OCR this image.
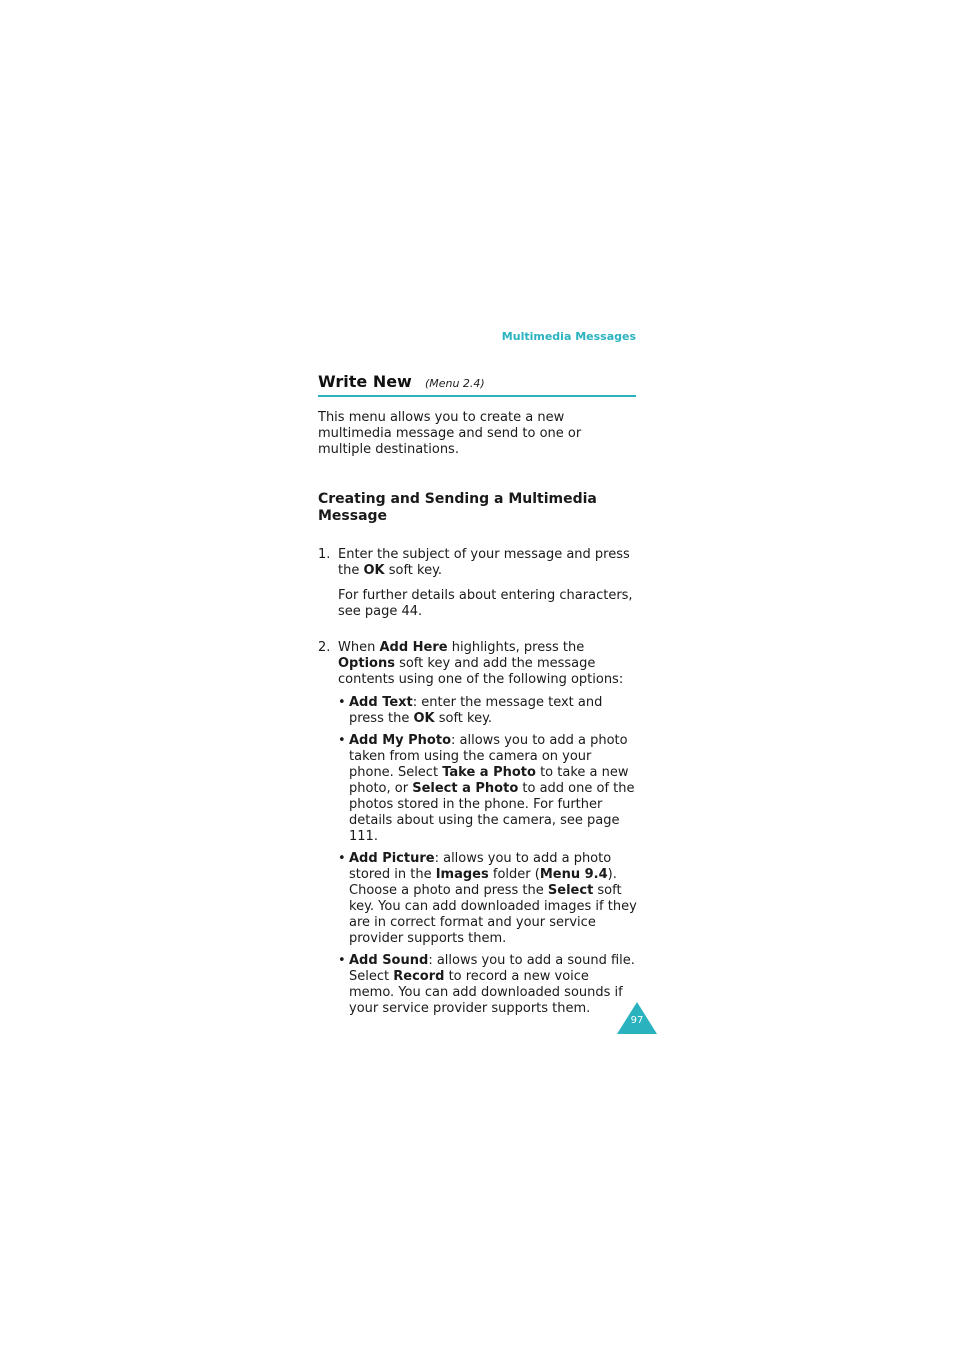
Multimedia Messages
Write New (Menu 2.4)

This menu allows you to create a new multimedia message and send to one or multiple destinations.

Creating and Sending a Multimedia Message
1. Enter the subject of your message and press the OK soft key.
For further details about entering characters, see page 44.
2. When Add Here highlights, press the Options soft key and add the message contents using one of the following options:
• Add Text: enter the message text and press the OK soft key.
• Add My Photo: allows you to add a photo taken from using the camera on your phone. Select Take a Photo to take a new photo, or Select a Photo to add one of the photos stored in the phone. For further details about using the camera, see page 111.
• Add Picture: allows you to add a photo stored in the Images folder (Menu 9.4). Choose a photo and press the Select soft key. You can add downloaded images if they are in correct format and your service provider supports them.
• Add Sound: allows you to add a sound file. Select Record to record a new voice memo. You can add downloaded sounds if your service provider supports them.
97
